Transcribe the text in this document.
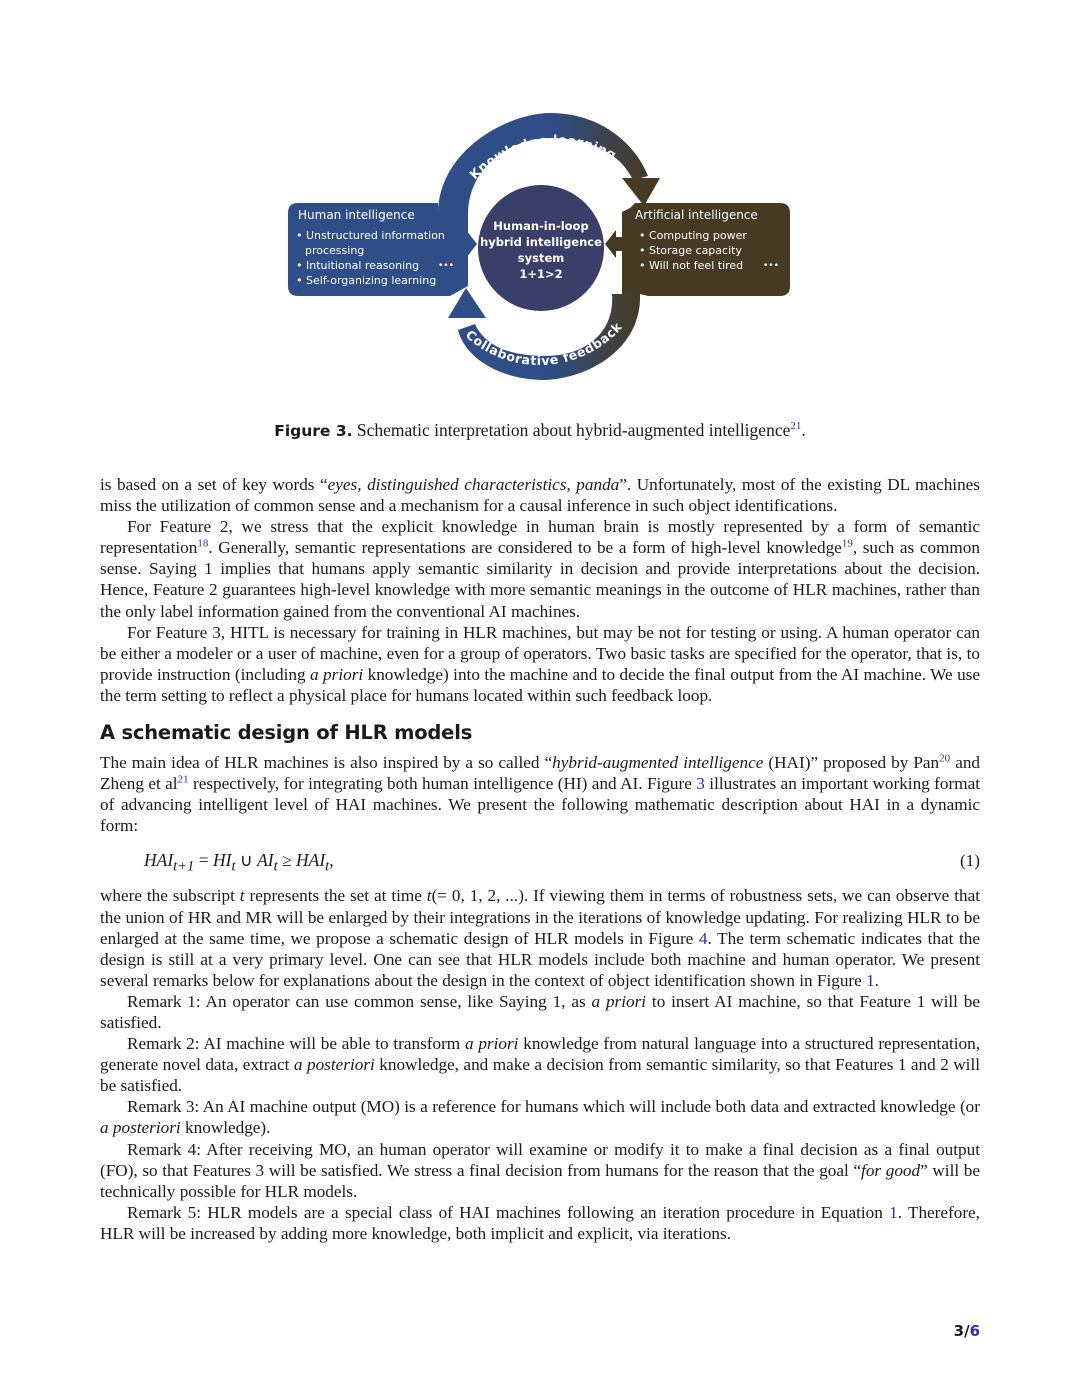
Knowledge learning
Collaborative feedback
Human intelligence
• Unstructured information
processing
• Intuitional reasoning
• Self-organizing learning
•••
Artificial intelligence
• Computing power
• Storage capacity
• Will not feel tired •••
Human-in-loop
hybrid intelligence
system
1+1>2
Figure 3. Schematic interpretation about hybrid-augmented intelligence$^{21}$.

is based on a set of key words “eyes, distinguished characteristics, panda”. Unfortunately, most of the existing DL machines miss the utilization of common sense and a mechanism for a causal inference in such object identifications.

For Feature 2, we stress that the explicit knowledge in human brain is mostly represented by a form of semantic representation$^{18}$. Generally, semantic representations are considered to be a form of high-level knowledge$^{19}$, such as common sense. Saying 1 implies that humans apply semantic similarity in decision and provide interpretations about the decision. Hence, Feature 2 guarantees high-level knowledge with more semantic meanings in the outcome of HLR machines, rather than the only label information gained from the conventional AI machines.

For Feature 3, HITL is necessary for training in HLR machines, but may be not for testing or using. A human operator can be either a modeler or a user of machine, even for a group of operators. Two basic tasks are specified for the operator, that is, to provide instruction (including a priori knowledge) into the machine and to decide the final output from the AI machine. We use the term setting to reflect a physical place for humans located within such feedback loop.

A schematic design of HLR models

The main idea of HLR machines is also inspired by a so called “hybrid-augmented intelligence (HAI)” proposed by Pan$^{20}$ and Zheng et al$^{21}$ respectively, for integrating both human intelligence (HI) and AI. Figure 3 illustrates an important working format of advancing intelligent level of HAI machines. We present the following mathematic description about HAI in a dynamic form:

$HAI_{t+1} = HI_t$ ∪ $AI_t \ge HAI_t$,	(1)

where the subscript t represents the set at time t(= 0, 1, 2, ...). If viewing them in terms of robustness sets, we can observe that the union of HR and MR will be enlarged by their integrations in the iterations of knowledge updating. For realizing HLR to be enlarged at the same time, we propose a schematic design of HLR models in Figure 4. The term schematic indicates that the design is still at a very primary level. One can see that HLR models include both machine and human operator. We present several remarks below for explanations about the design in the context of object identification shown in Figure 1.

Remark 1: An operator can use common sense, like Saying 1, as a priori to insert AI machine, so that Feature 1 will be satisfied.

Remark 2: AI machine will be able to transform a priori knowledge from natural language into a structured representation, generate novel data, extract a posteriori knowledge, and make a decision from semantic similarity, so that Features 1 and 2 will be satisfied.

Remark 3: An AI machine output (MO) is a reference for humans which will include both data and extracted knowledge (or a posteriori knowledge).

Remark 4: After receiving MO, an human operator will examine or modify it to make a final decision as a final output (FO), so that Features 3 will be satisfied. We stress a final decision from humans for the reason that the goal “for good” will be technically possible for HLR models.

Remark 5: HLR models are a special class of HAI machines following an iteration procedure in Equation 1. Therefore, HLR will be increased by adding more knowledge, both implicit and explicit, via iterations.

3/6
